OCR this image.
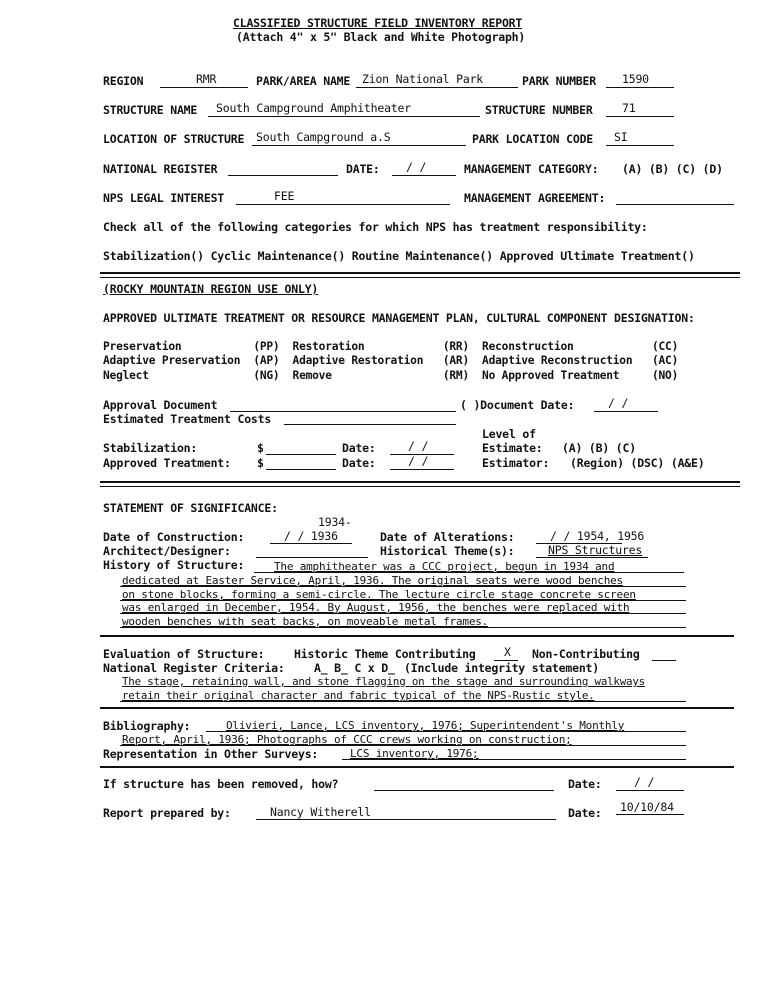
CLASSIFIED STRUCTURE FIELD INVENTORY REPORT
(Attach 4" x 5" Black and White Photograph)
REGION	RMR	PARK/AREA NAME Zion National Park	PARK NUMBER 1590
STRUCTURE NAME South Campground Amphitheater	STRUCTURE NUMBER	71
LOCATION OF STRUCTURE South Campground a.S	PARK LOCATION CODE SI
NATIONAL REGISTER	DATE: / /	MANAGEMENT CATEGORY: (A) (B) (C) (D)
NPS LEGAL INTEREST	FEE	MANAGEMENT AGREEMENT:
Check all of the following categories for which NPS has treatment responsibility:
Stabilization() Cyclic Maintenance() Routine Maintenance() Approved Ultimate Treatment()
(ROCKY MOUNTAIN REGION USE ONLY)
APPROVED ULTIMATE TREATMENT OR RESOURCE MANAGEMENT PLAN, CULTURAL COMPONENT DESIGNATION:
Preservation           (PP)  Restoration            (RR)  Reconstruction            (CC)
Adaptive Preservation  (AP)  Adaptive Restoration   (AR)  Adaptive Reconstruction   (AC)
Neglect                (NG)  Remove                 (RM)  No Approved Treatment     (NO)
Approval Document	( )Document Date:	/ /
Estimated Treatment Costs
Level of
Stabilization:	$	Date:	/ /	Estimate: (A) (B) (C)
Approved Treatment: $	Date:	/ /	Estimator: (Region) (DSC) (A&E)
STATEMENT OF SIGNIFICANCE:
1934-
Date of Construction:	/ / 1936	Date of Alterations:	/ / 1954, 1956
Architect/Designer:	Historical Theme(s):	NPS Structures
History of Structure:	The amphitheater was a CCC project, begun in 1934 and
dedicated at Easter Service, April, 1936. The original seats were wood benches
on stone blocks, forming a semi-circle. The lecture circle stage concrete screen
was enlarged in December, 1954. By August, 1956, the benches were replaced with
wooden benches with seat backs, on moveable metal frames.
Evaluation of Structure:	Historic Theme Contributing X Non-Contributing
National Register Criteria:	A_ B_ C x D_ (Include integrity statement)
The stage, retaining wall, and stone flagging on the stage and surrounding walkways
retain their original character and fabric typical of the NPS-Rustic style.
Bibliography:	Olivieri, Lance, LCS inventory, 1976; Superintendent's Monthly
Report, April, 1936; Photographs of CCC crews working on construction;
Representation in Other Surveys:	LCS inventory, 1976;
If structure has been removed, how?	Date:	/ /
Report prepared by:	Nancy Witherell	Date: 10/10/84
